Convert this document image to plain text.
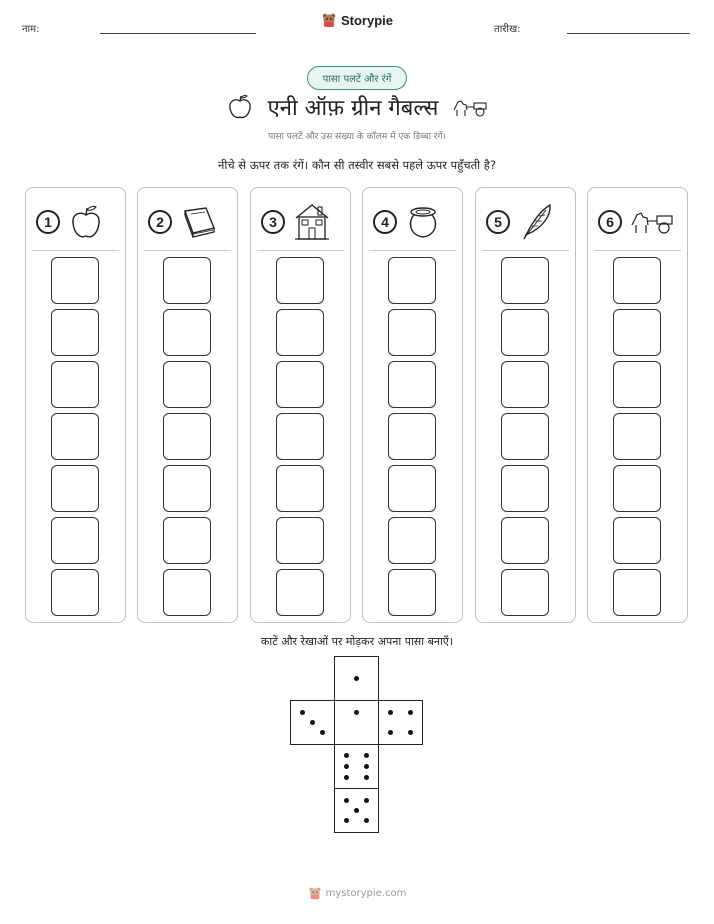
नाम:
Storypie
तारीख:
पासा पलटें और रंगें
एनी ऑफ़ ग्रीन गैबल्स
पासा पलटें और उस संख्या के कॉलम में एक डिब्बा रंगें।
नीचे से ऊपर तक रंगें। कौन सी तस्वीर सबसे पहले ऊपर पहुँचती है?
1	2	3	4	5	6
काटें और रेखाओं पर मोड़कर अपना पासा बनाएँ।
mystorypie.com
